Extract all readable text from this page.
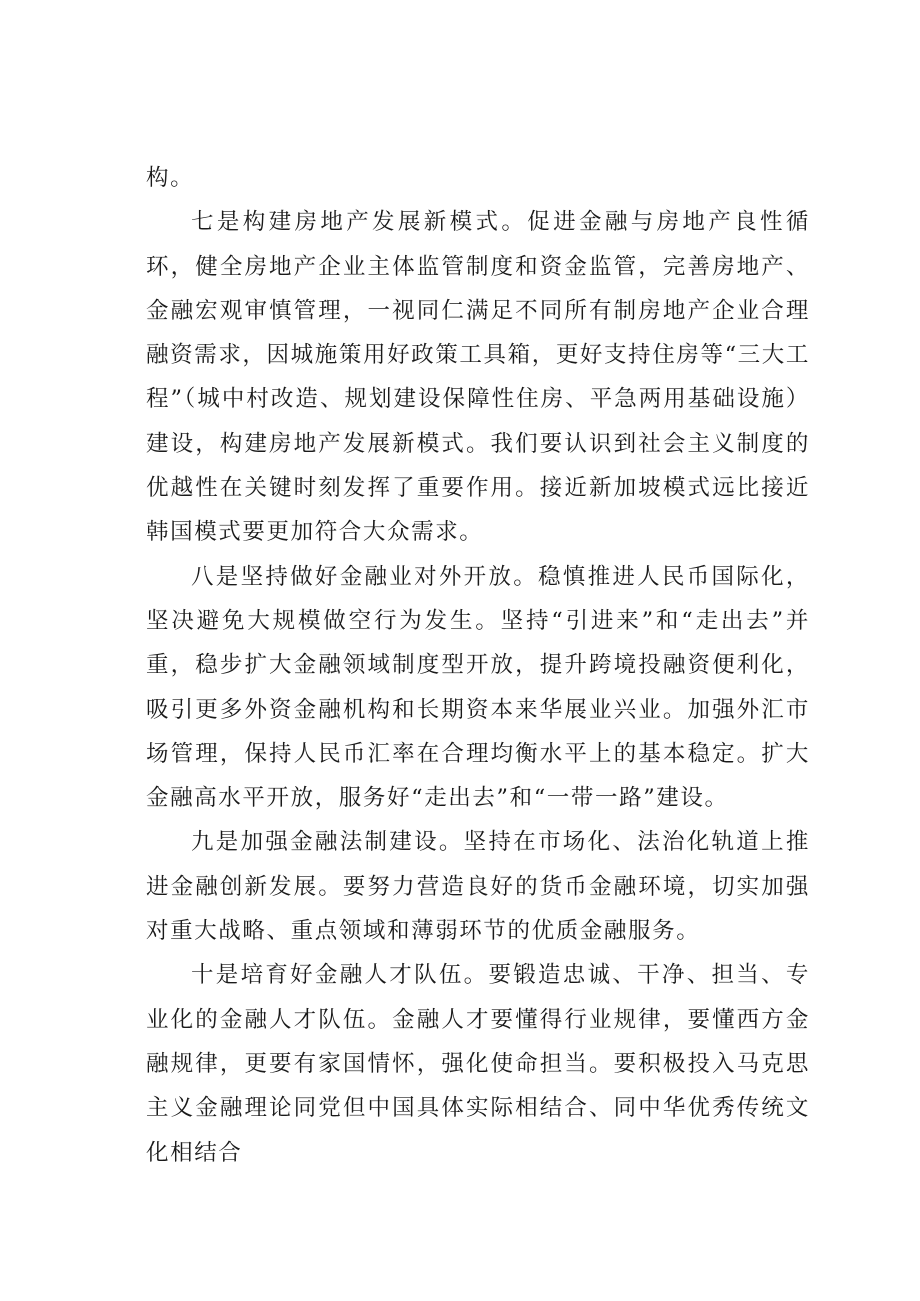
构。

七是构建房地产发展新模式。促进金融与房地产良性循环，健全房地产企业主体监管制度和资金监管，完善房地产、金融宏观审慎管理，一视同仁满足不同所有制房地产企业合理融资需求，因城施策用好政策工具箱，更好支持住房等“三大工程”（城中村改造、规划建设保障性住房、平急两用基础设施）建设，构建房地产发展新模式。我们要认识到社会主义制度的优越性在关键时刻发挥了重要作用。接近新加坡模式远比接近韩国模式要更加符合大众需求。

八是坚持做好金融业对外开放。稳慎推进人民币国际化，坚决避免大规模做空行为发生。坚持“引进来”和“走出去”并重，稳步扩大金融领域制度型开放，提升跨境投融资便利化，吸引更多外资金融机构和长期资本来华展业兴业。加强外汇市场管理，保持人民币汇率在合理均衡水平上的基本稳定。扩大金融高水平开放，服务好“走出去”和“一带一路”建设。

九是加强金融法制建设。坚持在市场化、法治化轨道上推进金融创新发展。要努力营造良好的货币金融环境，切实加强对重大战略、重点领域和薄弱环节的优质金融服务。

十是培育好金融人才队伍。要锻造忠诚、干净、担当、专业化的金融人才队伍。金融人才要懂得行业规律，要懂西方金融规律，更要有家国情怀，强化使命担当。要积极投入马克思主义金融理论同党但中国具体实际相结合、同中华优秀传统文化相结合
